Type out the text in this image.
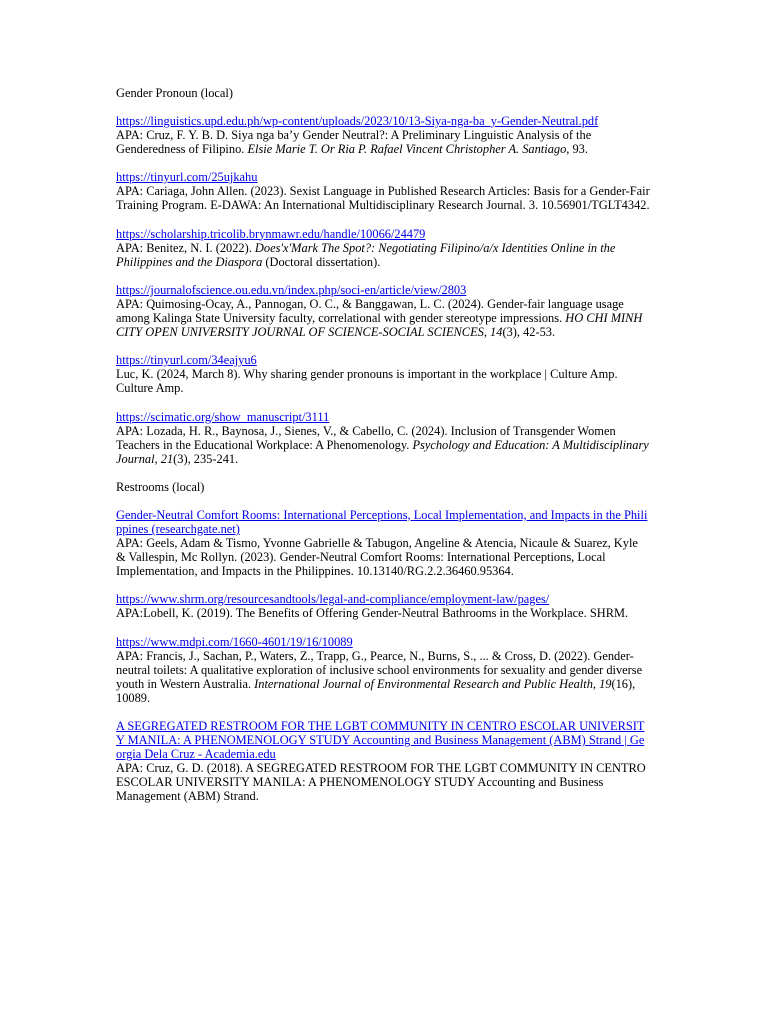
Gender Pronoun (local)
https://linguistics.upd.edu.ph/wp-content/uploads/2023/10/13-Siya-nga-ba_y-Gender-Neutral.pdf
APA: Cruz, F. Y. B. D. Siya nga ba’y Gender Neutral?: A Preliminary Linguistic Analysis of the Genderedness of Filipino. Elsie Marie T. Or Ria P. Rafael Vincent Christopher A. Santiago, 93.
https://tinyurl.com/25ujkahu
APA: Cariaga, John Allen. (2023). Sexist Language in Published Research Articles: Basis for a Gender-Fair Training Program. E-DAWA: An International Multidisciplinary Research Journal. 3. 10.56901/TGLT4342.
https://scholarship.tricolib.brynmawr.edu/handle/10066/24479
APA: Benitez, N. I. (2022). Does'x'Mark The Spot?: Negotiating Filipino/a/x Identities Online in the Philippines and the Diaspora (Doctoral dissertation).
https://journalofscience.ou.edu.vn/index.php/soci-en/article/view/2803
APA: Quimosing-Ocay, A., Pannogan, O. C., & Banggawan, L. C. (2024). Gender-fair language usage among Kalinga State University faculty, correlational with gender stereotype impressions. HO CHI MINH CITY OPEN UNIVERSITY JOURNAL OF SCIENCE-SOCIAL SCIENCES, 14(3), 42-53.
https://tinyurl.com/34eajyu6
Luc, K. (2024, March 8). Why sharing gender pronouns is important in the workplace | Culture Amp. Culture Amp.
https://scimatic.org/show_manuscript/3111
APA: Lozada, H. R., Baynosa, J., Sienes, V., & Cabello, C. (2024). Inclusion of Transgender Women Teachers in the Educational Workplace: A Phenomenology. Psychology and Education: A Multidisciplinary Journal, 21(3), 235-241.
Restrooms (local)
Gender-Neutral Comfort Rooms: International Perceptions, Local Implementation, and Impacts in the Philippines (researchgate.net)
APA: Geels, Adam & Tismo, Yvonne Gabrielle & Tabugon, Angeline & Atencia, Nicaule & Suarez, Kyle & Vallespin, Mc Rollyn. (2023). Gender-Neutral Comfort Rooms: International Perceptions, Local Implementation, and Impacts in the Philippines. 10.13140/RG.2.2.36460.95364.
https://www.shrm.org/resourcesandtools/legal-and-compliance/employment-law/pages/
APA:Lobell, K. (2019). The Benefits of Offering Gender-Neutral Bathrooms in the Workplace. SHRM.
https://www.mdpi.com/1660-4601/19/16/10089
APA: Francis, J., Sachan, P., Waters, Z., Trapp, G., Pearce, N., Burns, S., ... & Cross, D. (2022). Gender-neutral toilets: A qualitative exploration of inclusive school environments for sexuality and gender diverse youth in Western Australia. International Journal of Environmental Research and Public Health, 19(16), 10089.
A SEGREGATED RESTROOM FOR THE LGBT COMMUNITY IN CENTRO ESCOLAR UNIVERSITY MANILA: A PHENOMENOLOGY STUDY Accounting and Business Management (ABM) Strand | Georgia Dela Cruz - Academia.edu
APA: Cruz, G. D. (2018). A SEGREGATED RESTROOM FOR THE LGBT COMMUNITY IN CENTRO ESCOLAR UNIVERSITY MANILA: A PHENOMENOLOGY STUDY Accounting and Business Management (ABM) Strand.
